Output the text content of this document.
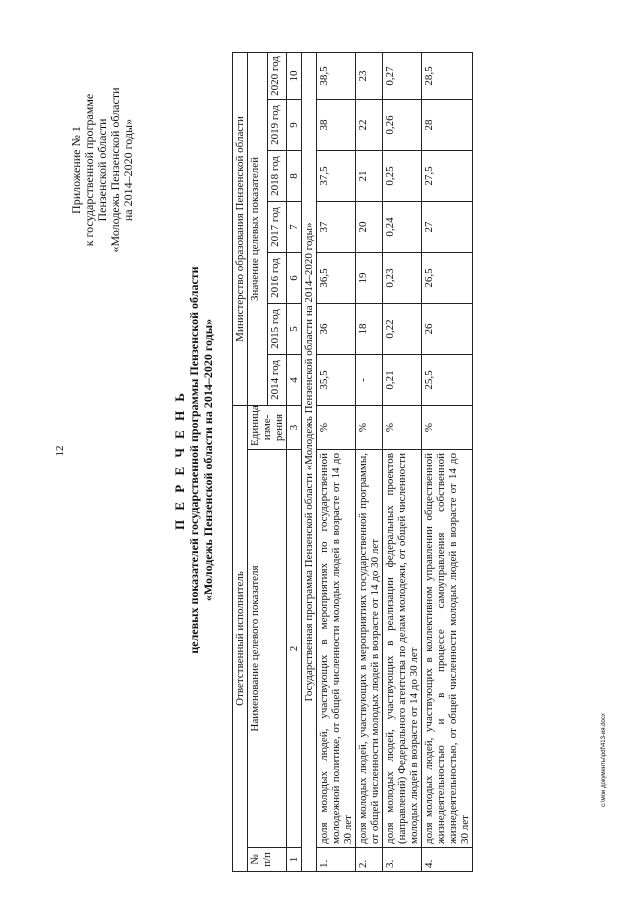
12
c:\мои документы\pdf\413-ия.docx
Приложение № 1 к государственной программе Пензенской области «Молодежь Пензенской области на 2014–2020 годы»
П Е Р Е Ч Е Н Ь целевых показателей государственной программы Пензенской области «Молодежь Пензенской области на 2014–2020 годы»
Ответственный исполнитель			Министерство образования Пензенской области						
№ п/п	Наименование целевого показателя	Единица изме-рения	Значение целевых показателей						
			2014 год	2015 год	2016 год	2017 год	2018 год	2019 год	2020 год
1	2	3	4	5	6	7	8	9	10
Государственная программа Пензенской области «Молодежь Пензенской области на 2014–2020 годы»									
1.	доля молодых людей, участвующих в мероприятиях по государственной молодежной политике, от общей численности молодых людей в возрасте от 14 до 30 лет	%	35,5	36	36,5	37	37,5	38	38,5
2.	доля молодых людей, участвующих в мероприятиях государственной программы, от общей численности молодых людей в возрасте от 14 до 30 лет	%	-	18	19	20	21	22	23
3.	доля молодых людей, участвующих в реализации федеральных проектов (направлений) Федерального агентства по делам молодежи, от общей численности молодых людей в возрасте от 14 до 30 лет	%	0,21	0,22	0,23	0,24	0,25	0,26	0,27
4.	доля молодых людей, участвующих в коллективном управлении общественной жизнедеятельностью и в процессе самоуправления собственной жизнедеятельностью, от общей численности молодых людей в возрасте от 14 до 30 лет	%	25,5	26	26,5	27	27,5	28	28,5
